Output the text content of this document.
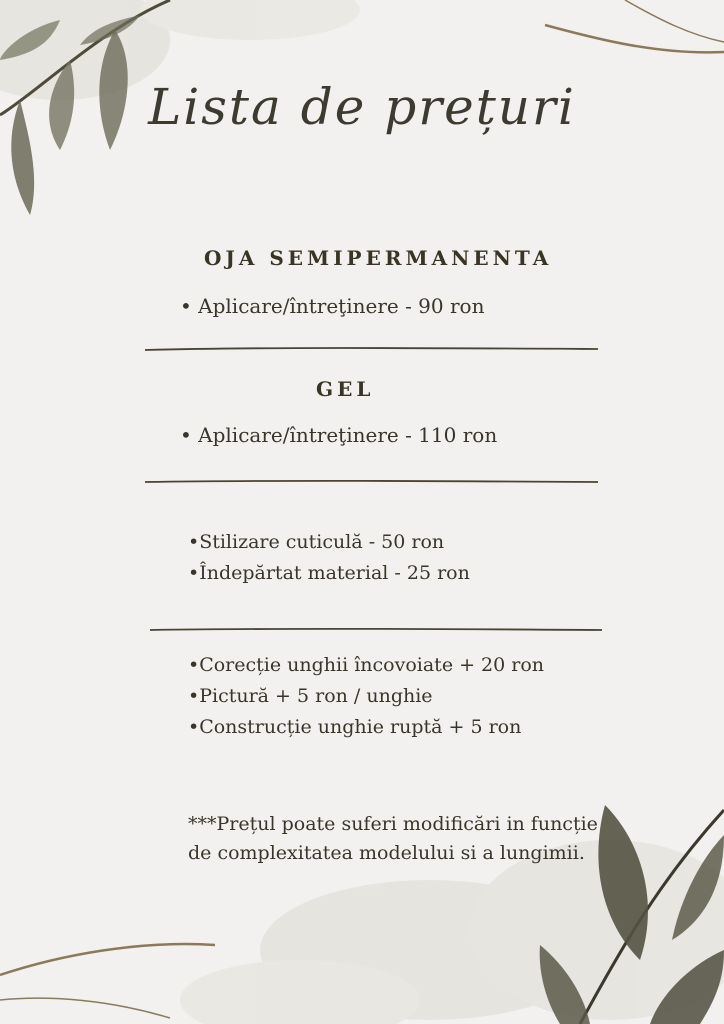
Lista de prețuri
OJA SEMIPERMANENTA
• Aplicare/întreţinere - 90 ron
GEL
• Aplicare/întreţinere - 110 ron
•Stilizare cuticulă - 50 ron
•Îndepărtat material - 25 ron
•Corecție unghii încovoiate + 20 ron
•Pictură + 5 ron / unghie
•Construcție unghie ruptă + 5 ron
***Prețul poate suferi modificări in funcție de complexitatea modelului si a lungimii.
